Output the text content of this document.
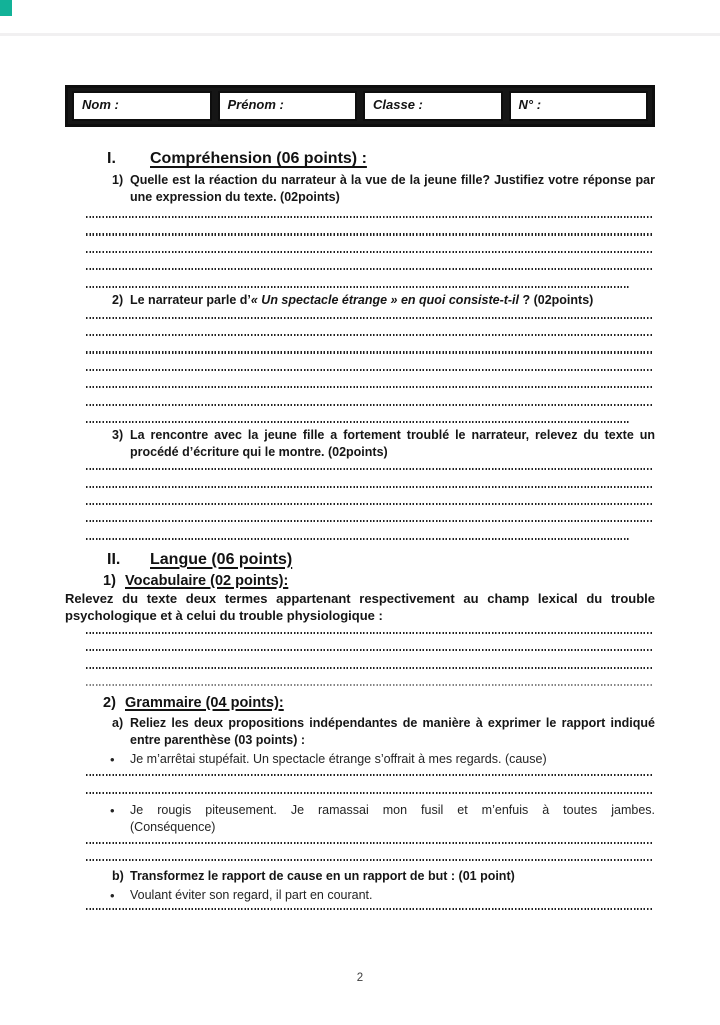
Nom :	Prénom :	Classe :	N° :
I.	Compréhension (06 points) :
1) Quelle est la réaction du narrateur à la vue de la jeune fille? Justifiez votre réponse par une expression du texte. (02points)
2) Le narrateur parle d’« Un spectacle étrange » en quoi consiste-t-il ? (02points)
3) La rencontre avec la jeune fille a fortement troublé le narrateur, relevez du texte un procédé d’écriture qui le montre. (02points)
II.	Langue (06 points)
1) Vocabulaire (02 points):
Relevez du texte deux termes appartenant respectivement au champ lexical du trouble psychologique et à celui du trouble physiologique :
2) Grammaire (04 points):
a) Reliez les deux propositions indépendantes de manière à exprimer le rapport indiqué entre parenthèse (03 points) :
•	Je m’arrêtai stupéfait. Un spectacle étrange s’offrait à mes regards. (cause)
•	Je rougis piteusement. Je ramassai mon fusil et m’enfuis à toutes jambes. (Conséquence)
b) Transformez le rapport de cause en un rapport de but : (01 point)
•	Voulant éviter son regard, il part en courant.
2
